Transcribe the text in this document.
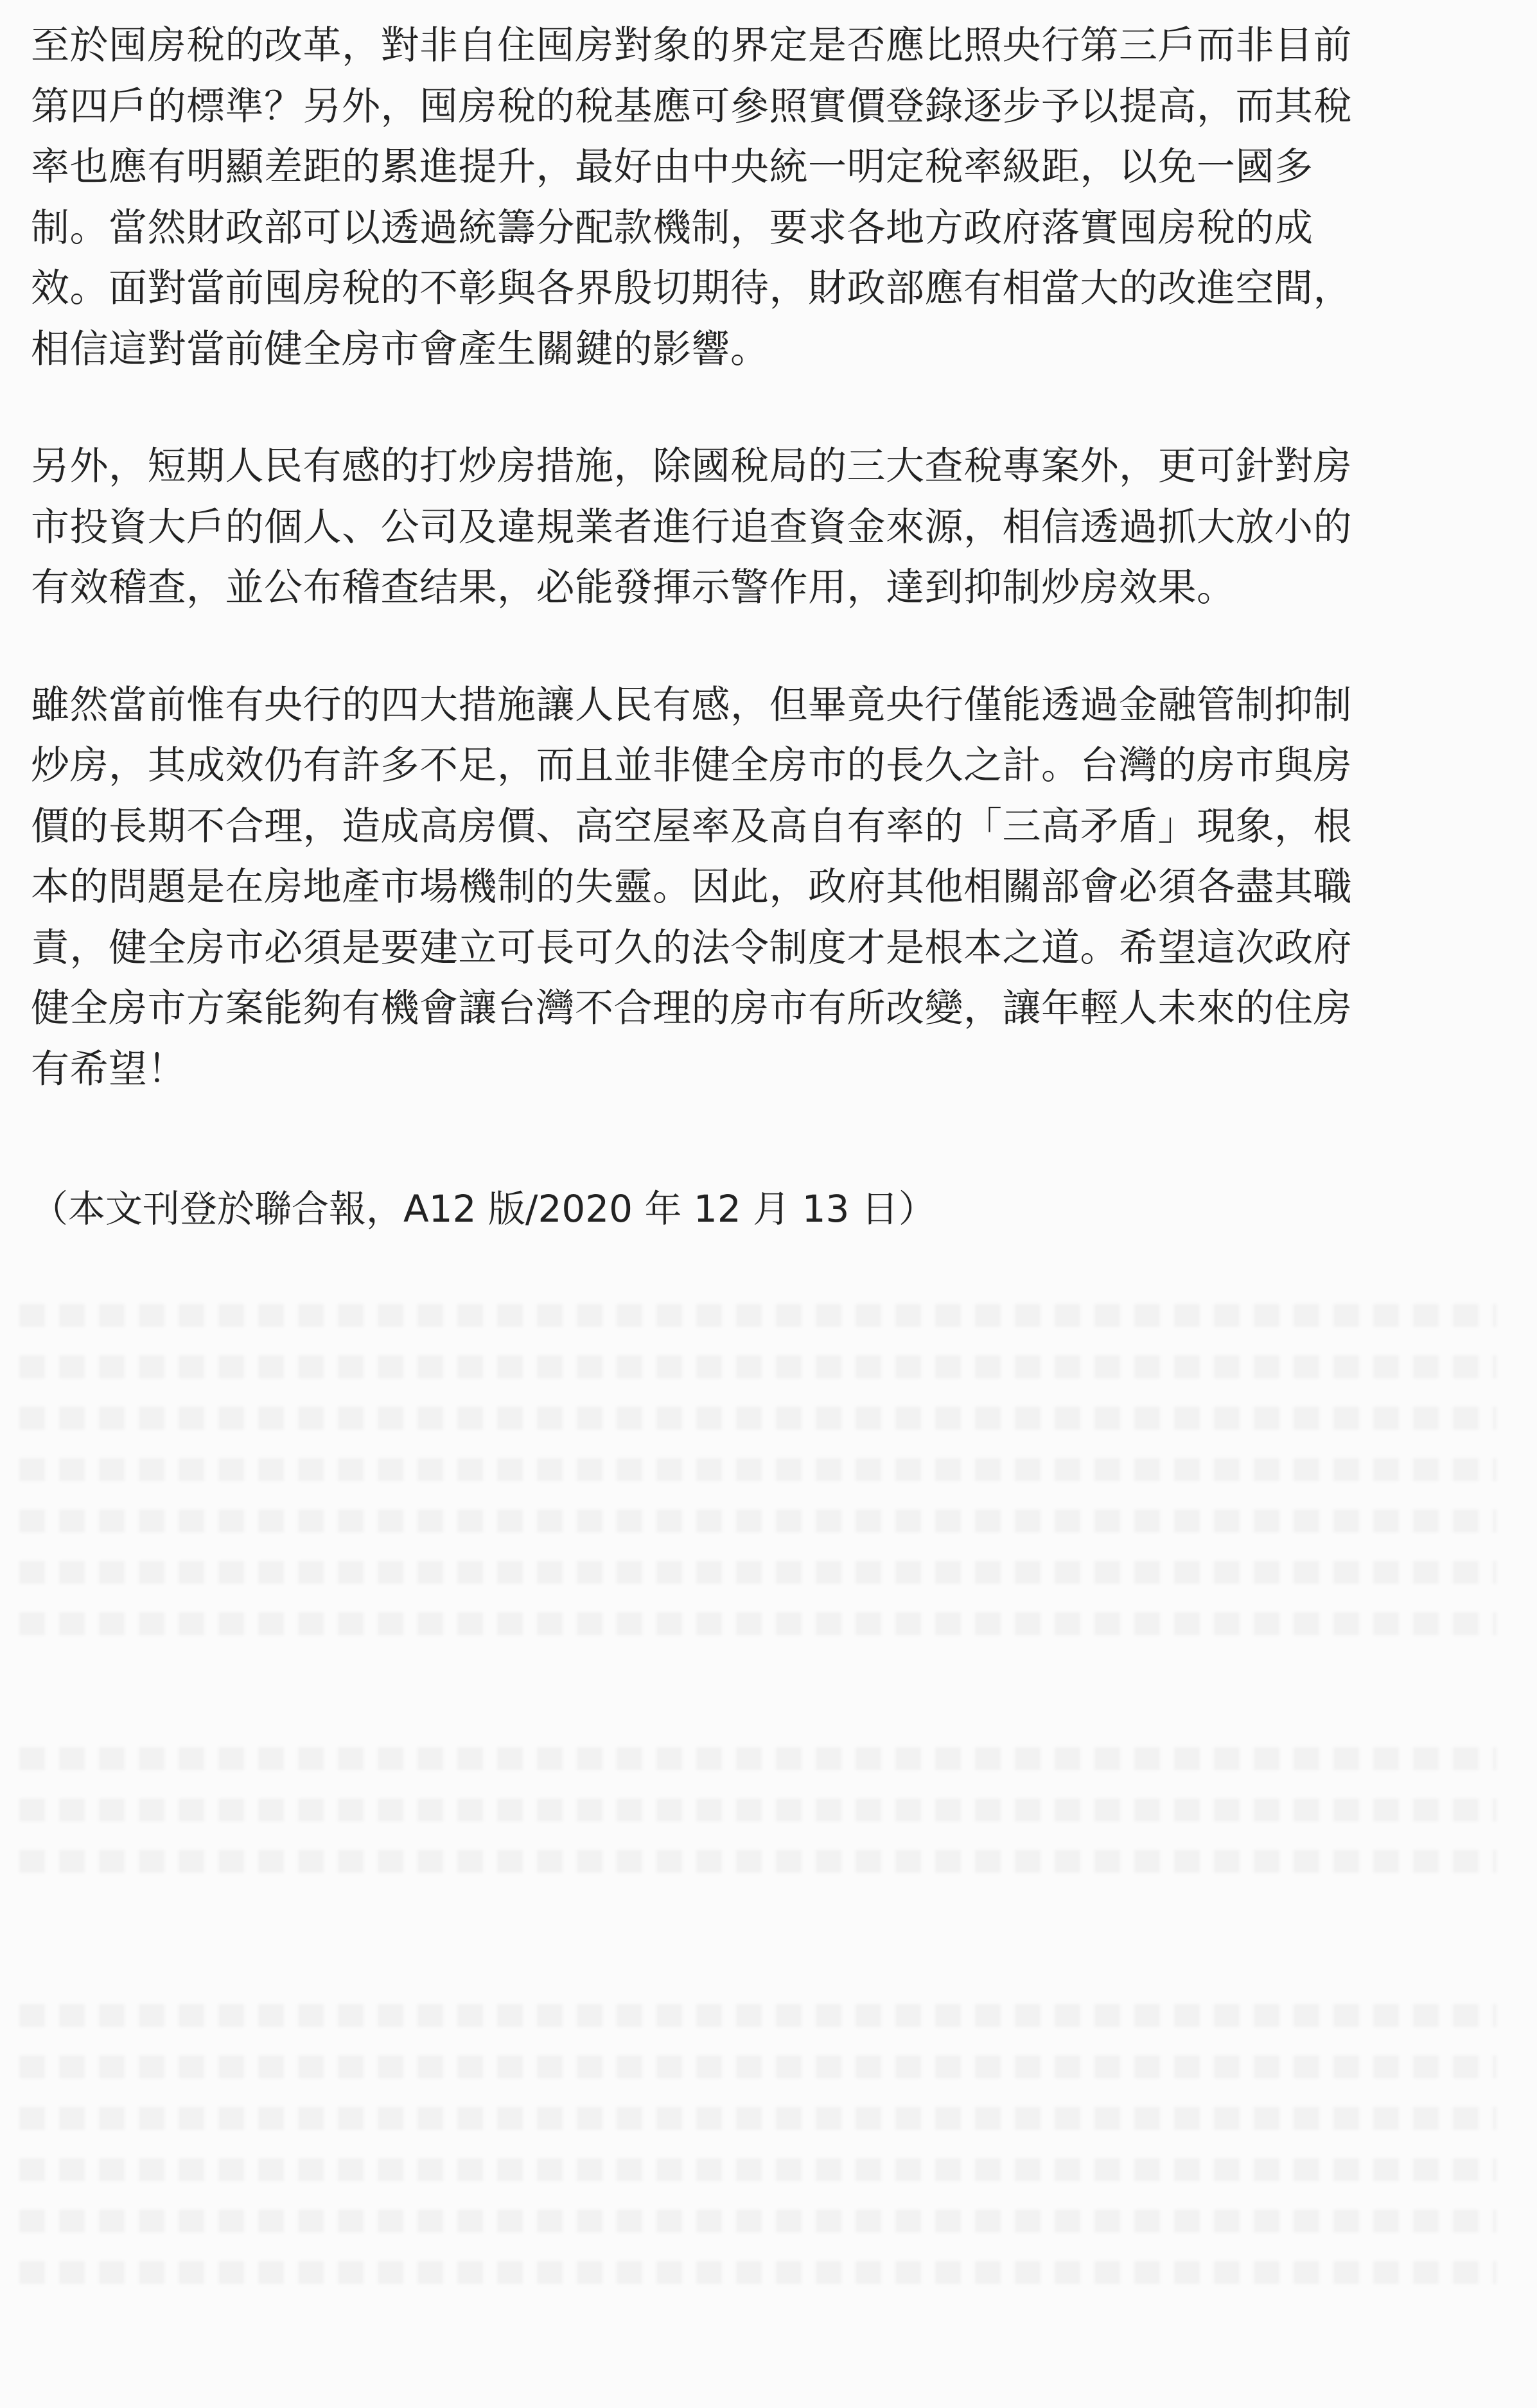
至於囤房稅的改革，對非自住囤房對象的界定是否應比照央行第三戶而非目前
第四戶的標準？另外，囤房稅的稅基應可參照實價登錄逐步予以提高，而其稅
率也應有明顯差距的累進提升，最好由中央統一明定稅率級距，以免一國多
制。當然財政部可以透過統籌分配款機制，要求各地方政府落實囤房稅的成
效。面對當前囤房稅的不彰與各界殷切期待，財政部應有相當大的改進空間，
相信這對當前健全房市會產生關鍵的影響。
另外，短期人民有感的打炒房措施，除國稅局的三大查稅專案外，更可針對房
市投資大戶的個人、公司及違規業者進行追查資金來源，相信透過抓大放小的
有效稽查，並公布稽查结果，必能發揮示警作用，達到抑制炒房效果。
雖然當前惟有央行的四大措施讓人民有感，但畢竟央行僅能透過金融管制抑制
炒房，其成效仍有許多不足，而且並非健全房市的長久之計。台灣的房市與房
價的長期不合理，造成高房價、高空屋率及高自有率的「三高矛盾」現象，根
本的問題是在房地產市場機制的失靈。因此，政府其他相關部會必須各盡其職
責，健全房市必須是要建立可長可久的法令制度才是根本之道。希望這次政府
健全房市方案能夠有機會讓台灣不合理的房市有所改變，讓年輕人未來的住房
有希望！
（本文刊登於聯合報，A12 版/2020 年 12 月 13 日）
